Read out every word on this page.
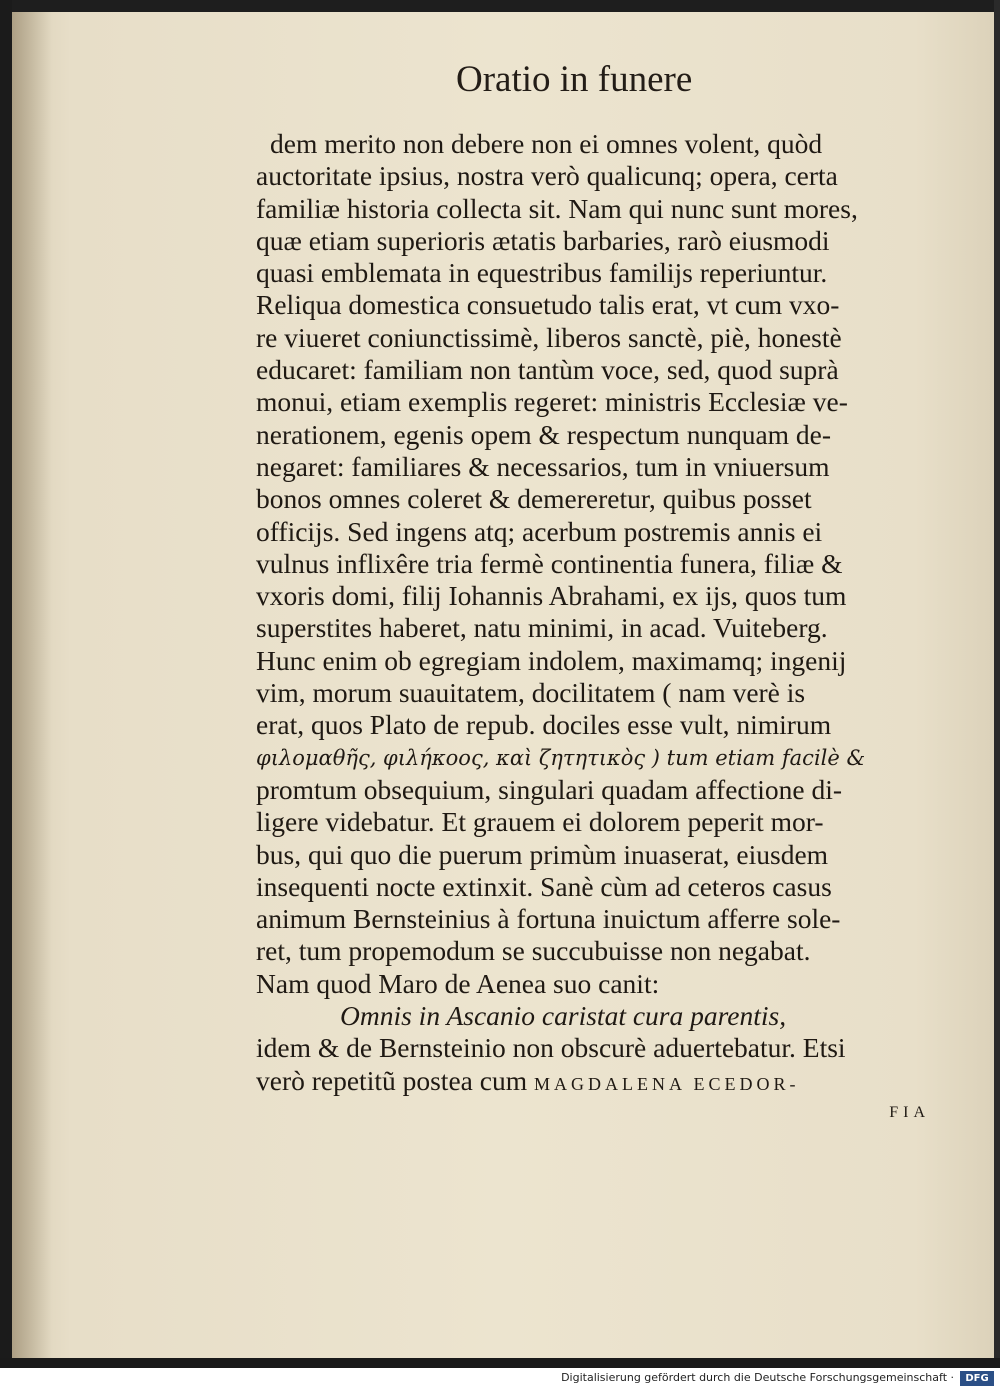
Oratio in funere
dem merito non debere non ei omnes volent, quòd
auctoritate ipsius, nostra verò qualicunq; opera, certa
familiæ historia collecta sit. Nam qui nunc sunt mores,
quæ etiam superioris ætatis barbaries, rarò eiusmodi
quasi emblemata in equestribus familijs reperiuntur.
Reliqua domestica consuetudo talis erat, vt cum vxo-
re viueret coniunctissimè, liberos sanctè, piè, honestè
educaret: familiam non tantùm voce, sed, quod suprà
monui, etiam exemplis regeret: ministris Ecclesiæ ve-
nerationem, egenis opem & respectum nunquam de-
negaret: familiares & necessarios, tum in vniuersum
bonos omnes coleret & demereretur, quibus posset
officijs. Sed ingens atq; acerbum postremis annis ei
vulnus inflixêre tria fermè continentia funera, filiæ &
vxoris domi, filij Iohannis Abrahami, ex ijs, quos tum
superstites haberet, natu minimi, in acad. Vuiteberg.
Hunc enim ob egregiam indolem, maximamq; ingenij
vim, morum suauitatem, docilitatem ( nam verè is
erat, quos Plato de repub. dociles esse vult, nimirum
φιλομαθῆς, φιλήκοος, καὶ ζητητικὸς ) tum etiam facilè &
promtum obsequium, singulari quadam affectione di-
ligere videbatur. Et grauem ei dolorem peperit mor-
bus, qui quo die puerum primùm inuaserat, eiusdem
insequenti nocte extinxit. Sanè cùm ad ceteros casus
animum Bernsteinius à fortuna inuictum afferre sole-
ret, tum propemodum se succubuisse non negabat.
Nam quod Maro de Aenea suo canit:
Omnis in Ascanio caristat cura parentis,
idem & de Bernsteinio non obscurè aduertebatur. Etsi
verò repetitũ postea cum MAGDALENA ECEDOR-
FIA
Digitalisierung gefördert durch die Deutsche Forschungsgemeinschaft ·	DFG
